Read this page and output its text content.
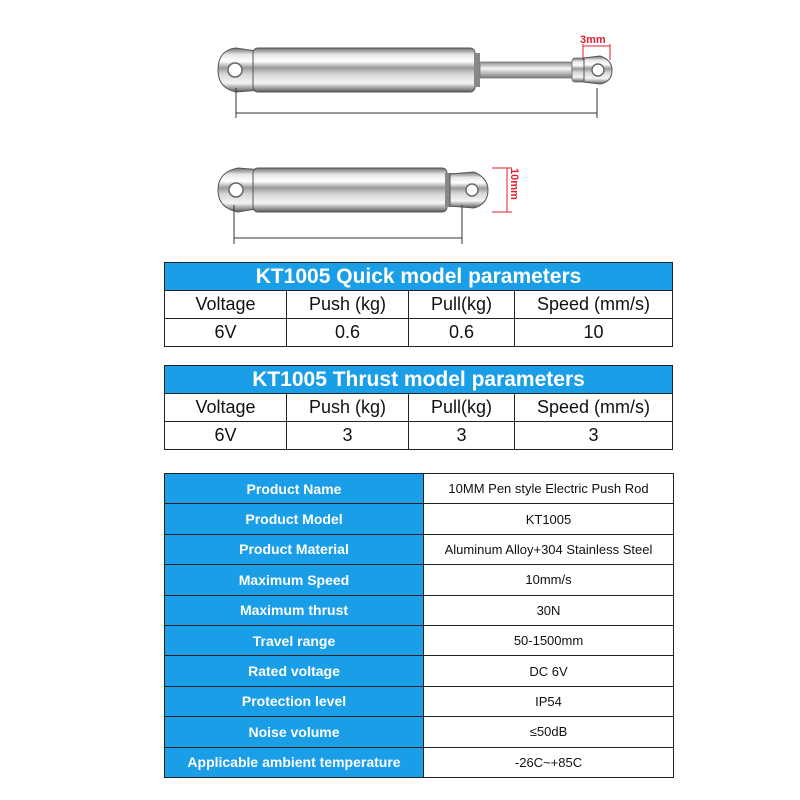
3mm
10mm
KT1005 Quick model parameters			
Voltage	Push (kg)	Pull(kg)	Speed (mm/s)
6V	0.6	0.6	10
KT1005 Thrust model parameters			
Voltage	Push (kg)	Pull(kg)	Speed (mm/s)
6V	3	3	3
Product Name	10MM Pen style Electric Push Rod
Product Model	KT1005
Product Material	Aluminum Alloy+304 Stainless Steel
Maximum Speed	10mm/s
Maximum thrust	30N
Travel range	50-1500mm
Rated voltage	DC 6V
Protection level	IP54
Noise volume	≤50dB
Applicable ambient temperature	-26C~+85C
